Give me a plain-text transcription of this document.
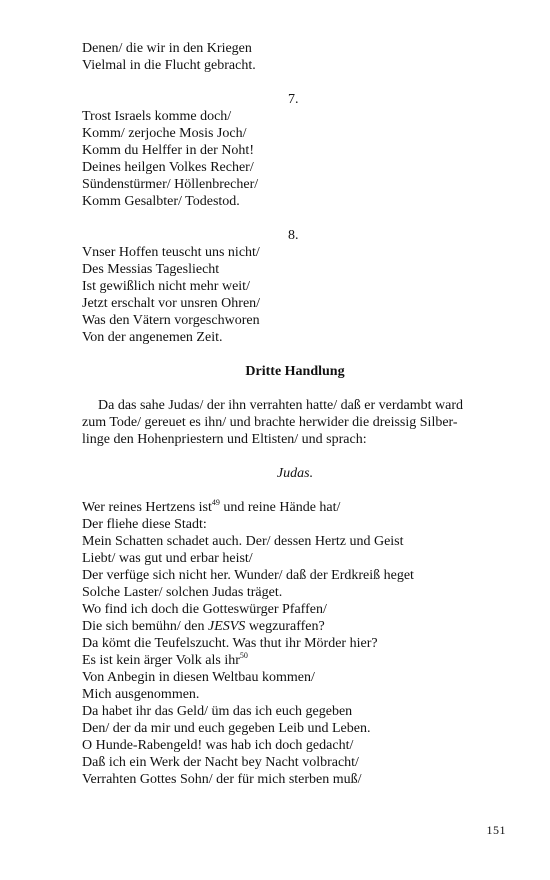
Denen/ die wir in den Kriegen
Vielmal in die Flucht gebracht.
7.
Trost Israels komme doch/
Komm/ zerjoche Mosis Joch/
Komm du Helffer in der Noht!
Deines heilgen Volkes Recher/
Sündenstürmer/ Höllenbrecher/
Komm Gesalbter/ Todestod.
8.
Vnser Hoffen teuscht uns nicht/
Des Messias Tagesliecht
Ist gewißlich nicht mehr weit/
Jetzt erschalt vor unsren Ohren/
Was den Vätern vorgeschworen
Von der angenemen Zeit.
Dritte Handlung
Da das sahe Judas/ der ihn verrahten hatte/ daß er verdambt ward
zum Tode/ gereuet es ihn/ und brachte herwider die dreissig Silber-
linge den Hohenpriestern und Eltisten/ und sprach:
Judas.
Wer reines Hertzens ist$^{49}$ und reine Hände hat/
Der fliehe diese Stadt:
Mein Schatten schadet auch. Der/ dessen Hertz und Geist
Liebt/ was gut und erbar heist/
Der verfüge sich nicht her. Wunder/ daß der Erdkreiß heget
Solche Laster/ solchen Judas träget.
Wo find ich doch die Gotteswürger Pfaffen/
Die sich bemühn/ den JESVS wegzuraffen?
Da kömt die Teufelszucht. Was thut ihr Mörder hier?
Es ist kein ärger Volk als ihr$^{50}$
Von Anbegin in diesen Weltbau kommen/
Mich ausgenommen.
Da habet ihr das Geld/ üm das ich euch gegeben
Den/ der da mir und euch gegeben Leib und Leben.
O Hunde-Rabengeld! was hab ich doch gedacht/
Daß ich ein Werk der Nacht bey Nacht volbracht/
Verrahten Gottes Sohn/ der für mich sterben muß/
151
